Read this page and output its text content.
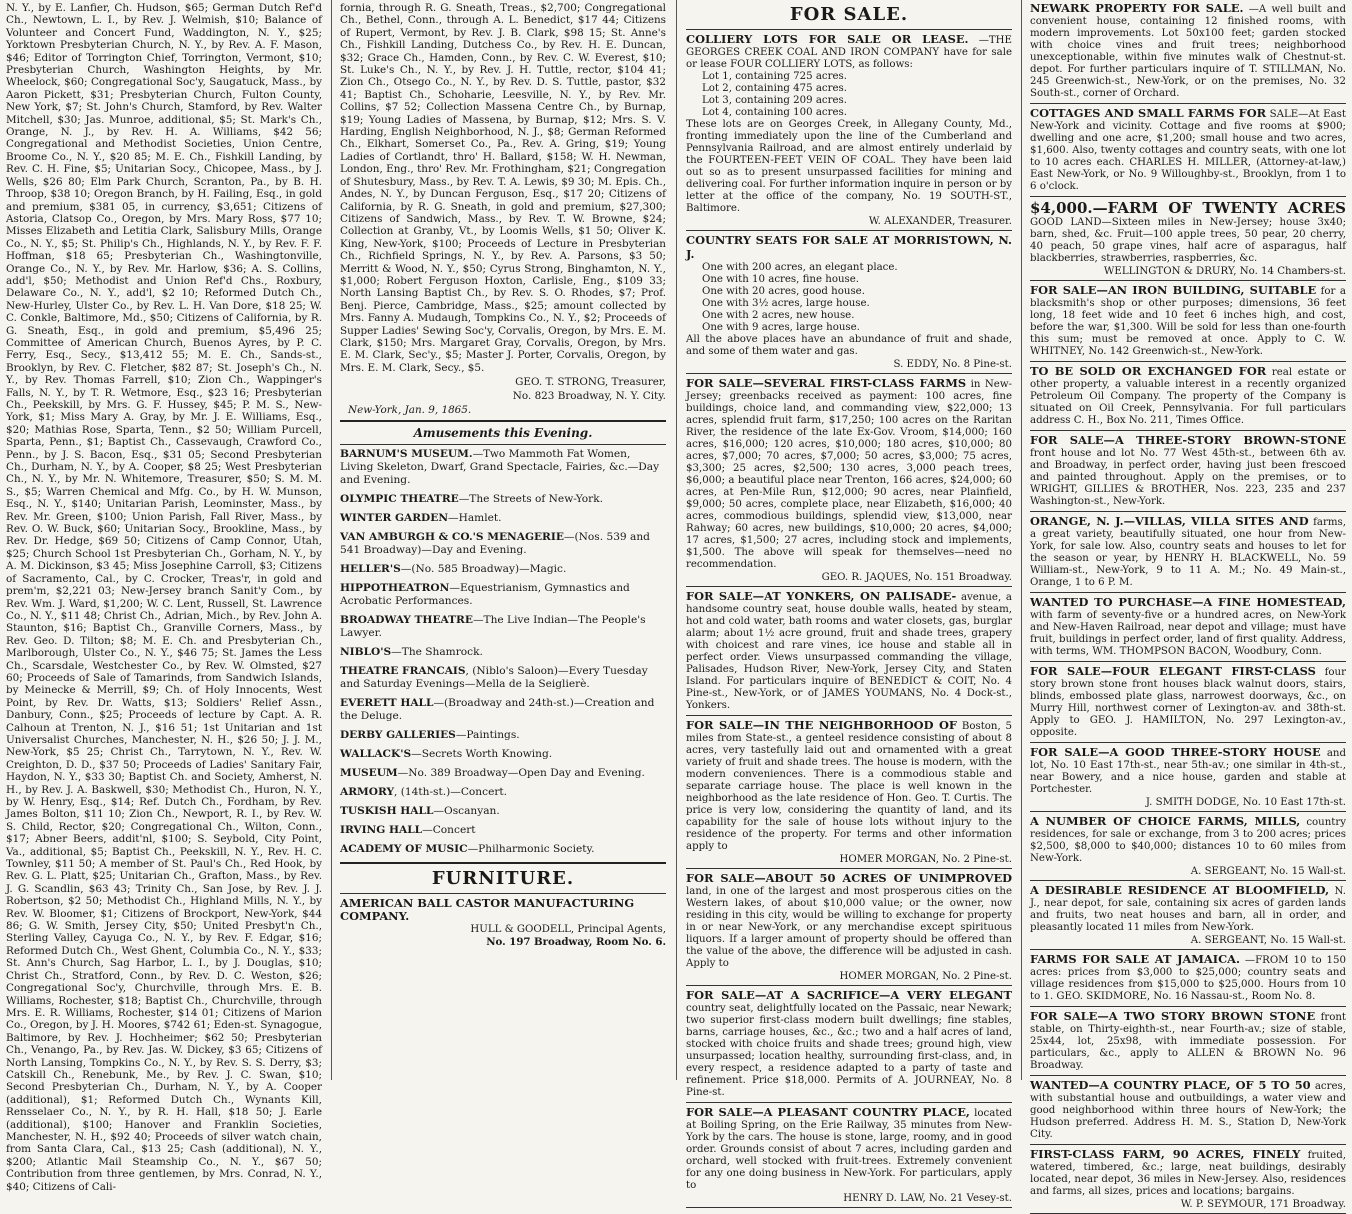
N. Y., by E. Lanfier, Ch. Hudson, $65; German Dutch Ref'd Ch., Newtown, L. I., by Rev. J. Welmish, $10; Balance of Volunteer and Concert Fund, Waddington, N. Y., $25; Yorktown Presbyterian Church, N. Y., by Rev. A. F. Mason, $46; Editor of Torrington Chief, Torrington, Vermont, $10; Presbyterian Church, Washington Heights, by Mr. Wheelock, $60; Congregational Soc'y, Saugatuck, Mass., by Aaron Pickett, $31; Presbyterian Church, Fulton County, New York, $7; St. John's Church, Stamford, by Rev. Walter Mitchell, $30; Jas. Munroe, additional, $5; St. Mark's Ch., Orange, N. J., by Rev. H. A. Williams, $42 56; Congregational and Methodist Societies, Union Centre, Broome Co., N. Y., $20 85; M. E. Ch., Fishkill Landing, by Rev. C. H. Fine, $5; Unitarian Socy., Chicopee, Mass., by J. Wells, $26 80; Elm Park Church, Scranton, Pa., by B. H. Throop, $38 10; Oregon Branch, by H. Failing, Esq., in gold and premium, $381 05, in currency, $3,651; Citizens of Astoria, Clatsop Co., Oregon, by Mrs. Mary Ross, $77 10; Misses Elizabeth and Letitia Clark, Salisbury Mills, Orange Co., N. Y., $5; St. Philip's Ch., Highlands, N. Y., by Rev. F. F. Hoffman, $18 65; Presbyterian Ch., Washingtonville, Orange Co., N. Y., by Rev. Mr. Harlow, $36; A. S. Collins, add'l, $50; Methodist and Union Ref'd Chs., Roxbury, Delaware Co., N. Y., add'l, $2 10; Reformed Dutch Ch., New-Hurley, Ulster Co., by Rev. L. H. Van Dore, $18 25; W. C. Conkle, Baltimore, Md., $50; Citizens of California, by R. G. Sneath, Esq., in gold and premium, $5,496 25; Committee of American Church, Buenos Ayres, by P. C. Ferry, Esq., Secy., $13,412 55; M. E. Ch., Sands-st., Brooklyn, by Rev. C. Fletcher, $82 87; St. Joseph's Ch., N. Y., by Rev. Thomas Farrell, $10; Zion Ch., Wappinger's Falls, N. Y., by T. R. Wetmore, Esq., $23 16; Presbyterian Ch., Peekskill, by Mrs. G. F. Hussey, $45; P. M. S., New-York, $1; Miss Mary A. Gray, by Mr. J. E. Williams, Esq., $20; Mathias Rose, Sparta, Tenn., $2 50; William Purcell, Sparta, Penn., $1; Baptist Ch., Cassevaugh, Crawford Co., Penn., by J. S. Bacon, Esq., $31 05; Second Presbyterian Ch., Durham, N. Y., by A. Cooper, $8 25; West Presbyterian Ch., N. Y., by Mr. N. Whitemore, Treasurer, $50; S. M. M. S., $5; Warren Chemical and Mfg. Co., by H. W. Munson, Esq., N. Y., $140; Unitarian Parish, Leominster, Mass., by Rev. Mr. Green, $100; Union Parish, Fall River, Mass., by Rev. O. W. Buck, $60; Unitarian Socy., Brookline, Mass., by Rev. Dr. Hedge, $69 50; Citizens of Camp Connor, Utah, $25; Church School 1st Presbyterian Ch., Gorham, N. Y., by A. M. Dickinson, $3 45; Miss Josephine Carroll, $3; Citizens of Sacramento, Cal., by C. Crocker, Treas'r, in gold and prem'm, $2,221 03; New-Jersey branch Sanit'y Com., by Rev. Wm. J. Ward, $1,200; W. C. Lent, Russell, St. Lawrence Co., N. Y., $11 48; Christ Ch., Adrian, Mich., by Rev. John A. Staunton, $16; Baptist Ch., Granville Corners, Mass., by Rev. Geo. D. Tilton; $8; M. E. Ch. and Presbyterian Ch., Marlborough, Ulster Co., N. Y., $46 75; St. James the Less Ch., Scarsdale, Westchester Co., by Rev. W. Olmsted, $27 60; Proceeds of Sale of Tamarinds, from Sandwich Islands, by Meinecke & Merrill, $9; Ch. of Holy Innocents, West Point, by Rev. Dr. Watts, $13; Soldiers' Relief Assn., Danbury, Conn., $25; Proceeds of lecture by Capt. A. R. Calhoun at Trenton, N. J., $16 51; 1st Unitarian and 1st Universalist Churches, Manchester, N. H., $26 50; J. J. M., New-York, $5 25; Christ Ch., Tarrytown, N. Y., Rev. W. Creighton, D. D., $37 50; Proceeds of Ladies' Sanitary Fair, Haydon, N. Y., $33 30; Baptist Ch. and Society, Amherst, N. H., by Rev. J. A. Baskwell, $30; Methodist Ch., Huron, N. Y., by W. Henry, Esq., $14; Ref. Dutch Ch., Fordham, by Rev. James Bolton, $11 10; Zion Ch., Newport, R. I., by Rev. W. S. Child, Rector, $20; Congregational Ch., Wilton, Conn., $17; Abner Beers, addit'nl, $100; S. Seybold, City Point, Va., additional, $5; Baptist Ch., Peekskill, N. Y., Rev. H. C. Townley, $11 50; A member of St. Paul's Ch., Red Hook, by Rev. G. L. Platt, $25; Unitarian Ch., Grafton, Mass., by Rev. J. G. Scandlin, $63 43; Trinity Ch., San Jose, by Rev. J. J. Robertson, $2 50; Methodist Ch., Highland Mills, N. Y., by Rev. W. Bloomer, $1; Citizens of Brockport, New-York, $44 86; G. W. Smith, Jersey City, $50; United Presbyt'n Ch., Sterling Valley, Cayuga Co., N. Y., by Rev. F. Edgar, $16; Reformed Dutch Ch., West Ghent, Columbia Co., N. Y., $33; St. Ann's Church, Sag Harbor, L. I., by J. Douglas, $10; Christ Ch., Stratford, Conn., by Rev. D. C. Weston, $26; Congregational Soc'y, Churchville, through Mrs. E. B. Williams, Rochester, $18; Baptist Ch., Churchville, through Mrs. E. R. Williams, Rochester, $14 01; Citizens of Marion Co., Oregon, by J. H. Moores, $742 61; Eden-st. Synagogue, Baltimore, by Rev. J. Hochheimer; $62 50; Presbyterian Ch., Venango, Pa., by Rev. Jas. W. Dickey, $3 65; Citizens of North Lansing, Tompkins Co., N. Y., by Rev. S. S. Derry, $3; Catskill Ch., Renebunk, Me., by Rev. J. C. Swan, $10; Second Presbyterian Ch., Durham, N. Y., by A. Cooper (additional), $1; Reformed Dutch Ch., Wynants Kill, Rensselaer Co., N. Y., by R. H. Hall, $18 50; J. Earle (additional), $100; Hanover and Franklin Societies, Manchester, N. H., $92 40; Proceeds of silver watch chain, from Santa Clara, Cal., $13 25; Cash (additional), N. Y., $200; Atlantic Mail Steamship Co., N. Y., $67 50; Contribution from three gentlemen, by Mrs. Conrad, N. Y., $40; Citizens of Cali-

fornia, through R. G. Sneath, Treas., $2,700; Congregational Ch., Bethel, Conn., through A. L. Benedict, $17 44; Citizens of Rupert, Vermont, by Rev. J. B. Clark, $98 15; St. Anne's Ch., Fishkill Landing, Dutchess Co., by Rev. H. E. Duncan, $32; Grace Ch., Hamden, Conn., by Rev. C. W. Everest, $10; St. Luke's Ch., N. Y., by Rev. J. H. Tuttle, rector, $104 41; Zion Ch., Otsego Co., N. Y., by Rev. D. S. Tuttle, pastor, $32 41; Baptist Ch., Schoharie, Leesville, N. Y., by Rev. Mr. Collins, $7 52; Collection Massena Centre Ch., by Burnap, $19; Young Ladies of Massena, by Burnap, $12; Mrs. S. V. Harding, English Neighborhood, N. J., $8; German Reformed Ch., Elkhart, Somerset Co., Pa., Rev. A. Gring, $19; Young Ladies of Cortlandt, thro' H. Ballard, $158; W. H. Newman, London, Eng., thro' Rev. Mr. Frothingham, $21; Congregation of Shutesbury, Mass., by Rev. T. A. Lewis, $9 30; M. Epis. Ch., Andes, N. Y., by Duncan Ferguson, Esq., $17 20; Citizens of California, by R. G. Sneath, in gold and premium, $27,300; Citizens of Sandwich, Mass., by Rev. T. W. Browne, $24; Collection at Granby, Vt., by Loomis Wells, $1 50; Oliver K. King, New-York, $100; Proceeds of Lecture in Presbyterian Ch., Richfield Springs, N. Y., by Rev. A. Parsons, $3 50; Merritt & Wood, N. Y., $50; Cyrus Strong, Binghamton, N. Y., $1,000; Robert Ferguson Hoxton, Carlisle, Eng., $109 33; North Lansing Baptist Ch., by Rev. S. O. Rhodes, $7; Prof. Benj. Pierce, Cambridge, Mass., $25; amount collected by Mrs. Fanny A. Mudaugh, Tompkins Co., N. Y., $2; Proceeds of Supper Ladies' Sewing Soc'y, Corvalis, Oregon, by Mrs. E. M. Clark, $150; Mrs. Margaret Gray, Corvalis, Oregon, by Mrs. E. M. Clark, Sec'y., $5; Master J. Porter, Corvalis, Oregon, by Mrs. E. M. Clark, Secy., $5.

GEO. T. STRONG, Treasurer,
No. 823 Broadway, N. Y. City.
New-York, Jan. 9, 1865.
Amusements this Evening.

BARNUM'S MUSEUM.—Two Mammoth Fat Women, Living Skeleton, Dwarf, Grand Spectacle, Fairies, &c.—Day and Evening.

OLYMPIC THEATRE—The Streets of New-York.

WINTER GARDEN—Hamlet.

VAN AMBURGH & CO.'S MENAGERIE—(Nos. 539 and 541 Broadway)—Day and Evening.

HELLER'S—(No. 585 Broadway)—Magic.

HIPPOTHEATRON—Equestrianism, Gymnastics and Acrobatic Performances.

BROADWAY THEATRE—The Live Indian—The People's Lawyer.

NIBLO'S—The Shamrock.

THEATRE FRANCAIS, (Niblo's Saloon)—Every Tuesday and Saturday Evenings—Mella de la Seiglierè.

EVERETT HALL—(Broadway and 24th-st.)—Creation and the Deluge.

DERBY GALLERIES—Paintings.

WALLACK'S—Secrets Worth Knowing.

MUSEUM—No. 389 Broadway—Open Day and Evening.

ARMORY, (14th-st.)—Concert.

TUSKISH HALL—Oscanyan.

IRVING HALL—Concert

ACADEMY OF MUSIC—Philharmonic Society.

FURNITURE.

AMERICAN BALL CASTOR MANUFACTURING COMPANY.

HULL & GOODELL, Principal Agents,
No. 197 Broadway, Room No. 6.
FOR SALE.

COLLIERY LOTS FOR SALE OR LEASE. —THE GEORGES CREEK COAL AND IRON COMPANY have for sale or lease FOUR COLLIERY LOTS, as follows:

Lot 1, containing 725 acres.
Lot 2, containing 475 acres.
Lot 3, containing 209 acres.
Lot 4, containing 100 acres.

These lots are on Georges Creek, in Allegany County, Md., fronting immediately upon the line of the Cumberland and Pennsylvania Railroad, and are almost entirely underlaid by the FOURTEEN-FEET VEIN OF COAL. They have been laid out so as to present unsurpassed facilities for mining and delivering coal. For further information inquire in person or by letter at the office of the company, No. 19 SOUTH-ST., Baltimore.

W. ALEXANDER, Treasurer.

COUNTRY SEATS FOR SALE AT MORRISTOWN, N. J.

One with 200 acres, an elegant place.
One with 10 acres, fine house.
One with 20 acres, good house.
One with 3½ acres, large house.
One with 2 acres, new house.
One with 9 acres, large house.

All the above places have an abundance of fruit and shade, and some of them water and gas.

S. EDDY, No. 8 Pine-st.

FOR SALE—SEVERAL FIRST-CLASS FARMS in New-Jersey; greenbacks received as payment: 100 acres, fine buildings, choice land, and commanding view, $22,000; 13 acres, splendid fruit farm, $17,250; 100 acres on the Raritan River, the residence of the late Ex-Gov. Vroom, $14,000; 160 acres, $16,000; 120 acres, $10,000; 180 acres, $10,000; 80 acres, $7,000; 70 acres, $7,000; 50 acres, $3,000; 75 acres, $3,300; 25 acres, $2,500; 130 acres, 3,000 peach trees, $6,000; a beautiful place near Trenton, 166 acres, $24,000; 60 acres, at Pen-Mile Run, $12,000; 90 acres, near Plainfield, $9,000; 50 acres, complete place, near Elizabeth, $16,000; 40 acres, commodious buildings, splendid view, $13,000, near Rahway; 60 acres, new buildings, $10,000; 20 acres, $4,000; 17 acres, $1,500; 27 acres, including stock and implements, $1,500. The above will speak for themselves—need no recommendation.

GEO. R. JAQUES, No. 151 Broadway.

FOR SALE—AT YONKERS, ON PALISADE- avenue, a handsome country seat, house double walls, heated by steam, hot and cold water, bath rooms and water closets, gas, burglar alarm; about 1½ acre ground, fruit and shade trees, grapery with choicest and rare vines, ice house and stable all in perfect order. Views unsurpassed commanding the village, Palisades, Hudson River, New-York, Jersey City, and Staten Island. For particulars inquire of BENEDICT & COIT, No. 4 Pine-st., New-York, or of JAMES YOUMANS, No. 4 Dock-st., Yonkers.

FOR SALE—IN THE NEIGHBORHOOD OF Boston, 5 miles from State-st., a genteel residence consisting of about 8 acres, very tastefully laid out and ornamented with a great variety of fruit and shade trees. The house is modern, with the modern conveniences. There is a commodious stable and separate carriage house. The place is well known in the neighborhood as the late residence of Hon. Geo. T. Curtis. The price is very low, considering the quantity of land, and its capability for the sale of house lots without injury to the residence of the property. For terms and other information apply to

HOMER MORGAN, No. 2 Pine-st.

FOR SALE—ABOUT 50 ACRES OF UNIMPROVED land, in one of the largest and most prosperous cities on the Western lakes, of about $10,000 value; or the owner, now residing in this city, would be willing to exchange for property in or near New-York, or any merchandise except spirituous liquors. If a larger amount of property should be offered than the value of the above, the difference will be adjusted in cash. Apply to

HOMER MORGAN, No. 2 Pine-st.

FOR SALE—AT A SACRIFICE—A VERY ELEGANT country seat, delightfully located on the Passaic, near Newark; two superior first-class modern built dwellings; fine stables, barns, carriage houses, &c., &c.; two and a half acres of land, stocked with choice fruits and shade trees; ground high, view unsurpassed; location healthy, surrounding first-class, and, in every respect, a residence adapted to a party of taste and refinement. Price $18,000. Permits of A. JOURNEAY, No. 8 Pine-st.

FOR SALE—A PLEASANT COUNTRY PLACE, located at Boiling Spring, on the Erie Railway, 35 minutes from New-York by the cars. The house is stone, large, roomy, and in good order. Grounds consist of about 7 acres, including garden and orchard, well stocked with fruit-trees. Extremely convenient for any one doing business in New-York. For particulars, apply to

HENRY D. LAW, No. 21 Vesey-st.

NEWARK PROPERTY FOR SALE. —A well built and convenient house, containing 12 finished rooms, with modern improvements. Lot 50x100 feet; garden stocked with choice vines and fruit trees; neighborhood unexceptionable, within five minutes walk of Chestnut-st. depot. For further particulars inquire of T. STILLMAN, No. 245 Greenwich-st., New-York, or on the premises, No. 32 South-st., corner of Orchard.

COTTAGES AND SMALL FARMS FOR SALE—At East New-York and vicinity. Cottage and five rooms at $900; dwelling and one acre, $1,200; small house and two acres, $1,600. Also, twenty cottages and country seats, with one lot to 10 acres each. CHARLES H. MILLER, (Attorney-at-law,) East New-York, or No. 9 Willoughby-st., Brooklyn, from 1 to 6 o'clock.

$4,000.—FARM OF TWENTY ACRES GOOD LAND—Sixteen miles in New-Jersey; house 3x40; barn, shed, &c. Fruit—100 apple trees, 50 pear, 20 cherry, 40 peach, 50 grape vines, half acre of asparagus, half blackberries, strawberries, raspberries, &c.

WELLINGTON & DRURY, No. 14 Chambers-st.

FOR SALE—AN IRON BUILDING, SUITABLE for a blacksmith's shop or other purposes; dimensions, 36 feet long, 18 feet wide and 10 feet 6 inches high, and cost, before the war, $1,300. Will be sold for less than one-fourth this sum; must be removed at once. Apply to C. W. WHITNEY, No. 142 Greenwich-st., New-York.

TO BE SOLD OR EXCHANGED FOR real estate or other property, a valuable interest in a recently organized Petroleum Oil Company. The property of the Company is situated on Oil Creek, Pennsylvania. For full particulars address C. H., Box No. 211, Times Office.

FOR SALE—A THREE-STORY BROWN-STONE front house and lot No. 77 West 45th-st., between 6th av. and Broadway, in perfect order, having just been frescoed and painted throughout. Apply on the premises, or to WRIGHT, GILLIES & BROTHER, Nos. 223, 235 and 237 Washington-st., New-York.

ORANGE, N. J.—VILLAS, VILLA SITES AND farms, a great variety, beautifully situated, one hour from New-York, for sale low. Also, country seats and houses to let for the season or year, by HENRY H. BLACKWELL, No. 59 William-st., New-York, 9 to 11 A. M.; No. 49 Main-st., Orange, 1 to 6 P. M.

WANTED TO PURCHASE—A FINE HOMESTEAD, with farm of seventy-five or a hundred acres, on New-York and New-Haven Railroad, near depot and village; must have fruit, buildings in perfect order, land of first quality. Address, with terms, WM. THOMPSON BACON, Woodbury, Conn.

FOR SALE—FOUR ELEGANT FIRST-CLASS four story brown stone front houses black walnut doors, stairs, blinds, embossed plate glass, narrowest doorways, &c., on Murry Hill, northwest corner of Lexington-av. and 38th-st. Apply to GEO. J. HAMILTON, No. 297 Lexington-av., opposite.

FOR SALE—A GOOD THREE-STORY HOUSE and lot, No. 10 East 17th-st., near 5th-av.; one similar in 4th-st., near Bowery, and a nice house, garden and stable at Portchester.

J. SMITH DODGE, No. 10 East 17th-st.

A NUMBER OF CHOICE FARMS, MILLS, country residences, for sale or exchange, from 3 to 200 acres; prices $2,500, $8,000 to $40,000; distances 10 to 60 miles from New-York.

A. SERGEANT, No. 15 Wall-st.

A DESIRABLE RESIDENCE AT BLOOMFIELD, N. J., near depot, for sale, containing six acres of garden lands and fruits, two neat houses and barn, all in order, and pleasantly located 11 miles from New-York.

A. SERGEANT, No. 15 Wall-st.

FARMS FOR SALE AT JAMAICA. —FROM 10 to 150 acres: prices from $3,000 to $25,000; country seats and village residences from $15,000 to $25,000. Hours from 10 to 1. GEO. SKIDMORE, No. 16 Nassau-st., Room No. 8.

FOR SALE—A TWO STORY BROWN STONE front stable, on Thirty-eighth-st., near Fourth-av.; size of stable, 25x44, lot, 25x98, with immediate possession. For particulars, &c., apply to ALLEN & BROWN No. 96 Broadway.

WANTED—A COUNTRY PLACE, OF 5 TO 50 acres, with substantial house and outbuildings, a water view and good neighborhood within three hours of New-York; the Hudson preferred. Address H. M. S., Station D, New-York City.

FIRST-CLASS FARM, 90 ACRES, FINELY fruited, watered, timbered, &c.; large, neat buildings, desirably located, near depot, 36 miles in New-Jersey. Also, residences and farms, all sizes, prices and locations; bargains.

W. P. SEYMOUR, 171 Broadway.
